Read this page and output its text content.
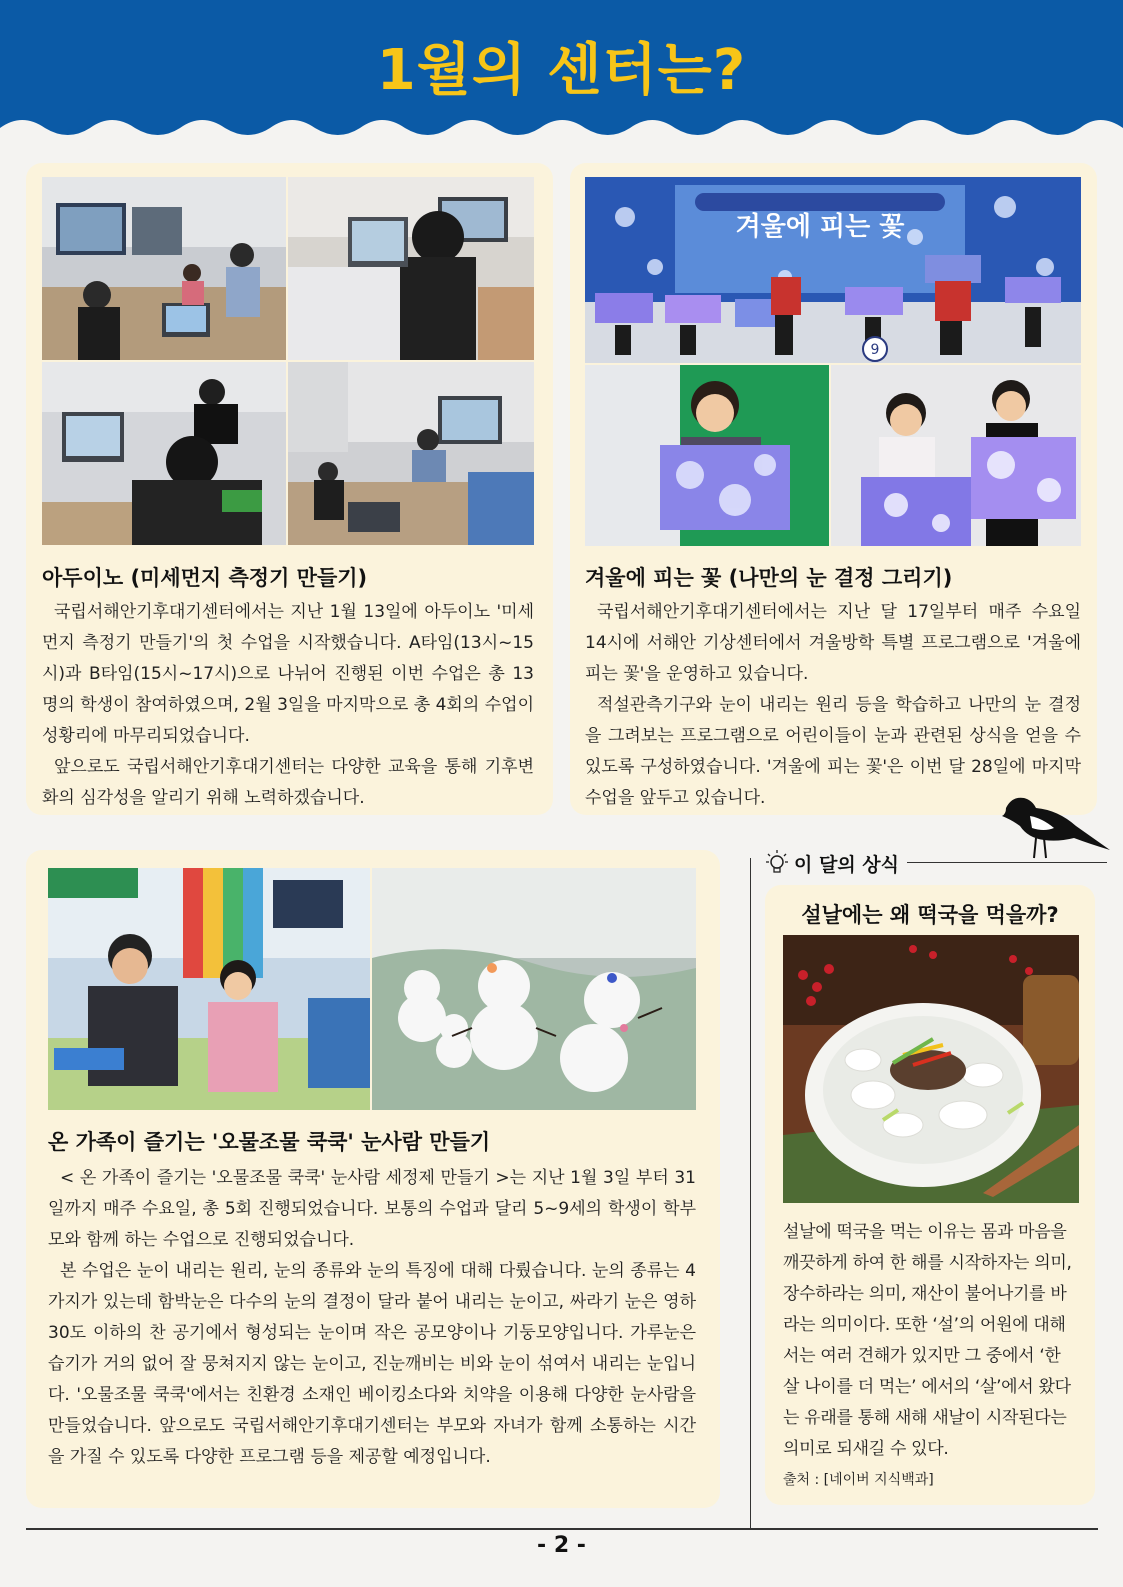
1월의 센터는?
아두이노 (미세먼지 측정기 만들기)

국립서해안기후대기센터에서는 지난 1월 13일에 아두이노 '미세먼지 측정기 만들기'의 첫 수업을 시작했습니다. A타임(13시~15시)과 B타임(15시~17시)으로 나뉘어 진행된 이번 수업은 총 13명의 학생이 참여하였으며, 2월 3일을 마지막으로 총 4회의 수업이 성황리에 마무리되었습니다.

앞으로도 국립서해안기후대기센터는 다양한 교육을 통해 기후변화의 심각성을 알리기 위해 노력하겠습니다.

9
겨울에 피는 꽃
겨울에 피는 꽃 (나만의 눈 결정 그리기)

국립서해안기후대기센터에서는 지난 달 17일부터 매주 수요일 14시에 서해안 기상센터에서 겨울방학 특별 프로그램으로 '겨울에 피는 꽃'을 운영하고 있습니다.

적설관측기구와 눈이 내리는 원리 등을 학습하고 나만의 눈 결정을 그려보는 프로그램으로 어린이들이 눈과 관련된 상식을 얻을 수 있도록 구성하였습니다. '겨울에 피는 꽃'은 이번 달 28일에 마지막 수업을 앞두고 있습니다.

온 가족이 즐기는 '오물조물 쿡쿡' 눈사람 만들기

< 온 가족이 즐기는 '오물조물 쿡쿡' 눈사람 세정제 만들기 >는 지난 1월 3일 부터 31일까지 매주 수요일, 총 5회 진행되었습니다. 보통의 수업과 달리 5~9세의 학생이 학부모와 함께 하는 수업으로 진행되었습니다.

본 수업은 눈이 내리는 원리, 눈의 종류와 눈의 특징에 대해 다뤘습니다. 눈의 종류는 4가지가 있는데 함박눈은 다수의 눈의 결정이 달라 붙어 내리는 눈이고, 싸라기 눈은 영하 30도 이하의 찬 공기에서 형성되는 눈이며 작은 공모양이나 기둥모양입니다. 가루눈은 습기가 거의 없어 잘 뭉쳐지지 않는 눈이고, 진눈깨비는 비와 눈이 섞여서 내리는 눈입니다. '오물조물 쿡쿡'에서는 친환경 소재인 베이킹소다와 치약을 이용해 다양한 눈사람을 만들었습니다. 앞으로도 국립서해안기후대기센터는 부모와 자녀가 함께 소통하는 시간을 가질 수 있도록 다양한 프로그램 등을 제공할 예정입니다.

이 달의 상식
설날에는 왜 떡국을 먹을까?
설날에 떡국을 먹는 이유는 몸과 마음을 깨끗하게 하여 한 해를 시작하자는 의미, 장수하라는 의미, 재산이 불어나기를 바라는 의미이다. 또한 ‘설’의 어원에 대해서는 여러 견해가 있지만 그 중에서 ‘한 살 나이를 더 먹는’ 에서의 ‘살’에서 왔다는 유래를 통해 새해 새날이 시작된다는 의미로 되새길 수 있다.
출처 : [네이버 지식백과]
- 2 -
